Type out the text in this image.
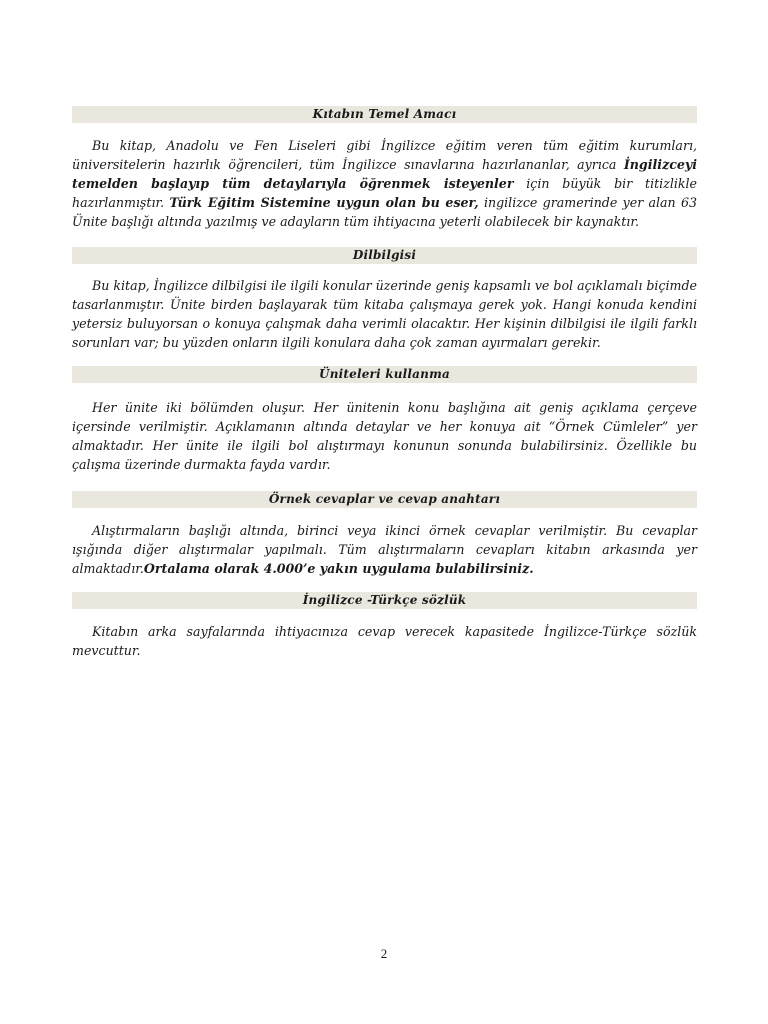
Kıtabın Temel Amacı

Bu kitap, Anadolu ve Fen Liseleri gibi İngilizce eğitim veren tüm eğitim kurumları, üniversitelerin hazırlık öğrencileri, tüm İngilizce sınavlarına hazırlananlar, ayrıca İngilizceyi temelden başlayıp tüm detaylarıyla öğrenmek isteyenler için büyük bir titizlikle hazırlanmıştır. Türk Eğitim Sistemine uygun olan bu eser, ingilizce gramerinde yer alan 63 Ünite başlığı altında yazılmış ve adayların tüm ihtiyacına yeterli olabilecek bir kaynaktır.

Dilbilgisi

Bu kitap, İngilizce dilbilgisi ile ilgili konular üzerinde geniş kapsamlı ve bol açıklamalı biçimde tasarlanmıştır. Ünite birden başlayarak tüm kitaba çalışmaya gerek yok. Hangi konuda kendini yetersiz buluyorsan o konuya çalışmak daha verimli olacaktır. Her kişinin dilbilgisi ile ilgili farklı sorunları var; bu yüzden onların ilgili konulara daha çok zaman ayırmaları gerekir.

Üniteleri kullanma

Her ünite iki bölümden oluşur. Her ünitenin konu başlığına ait geniş açıklama çerçeve içersinde verilmiştir. Açıklamanın altında detaylar ve her konuya ait “Örnek Cümleler” yer almaktadır. Her ünite ile ilgili bol alıştırmayı konunun sonunda bulabilirsiniz. Özellikle bu çalışma üzerinde durmakta fayda vardır.

Örnek cevaplar ve cevap anahtarı

Alıştırmaların başlığı altında, birinci veya ikinci örnek cevaplar verilmiştir. Bu cevaplar ışığında diğer alıştırmalar yapılmalı. Tüm alıştırmaların cevapları kitabın arkasında yer almaktadır.Ortalama olarak 4.000’e yakın uygulama bulabilirsiniz.

İngilizce -Türkçe sözlük

Kitabın arka sayfalarında ihtiyacınıza cevap verecek kapasitede İngilizce-Türkçe sözlük mevcuttur.

2
